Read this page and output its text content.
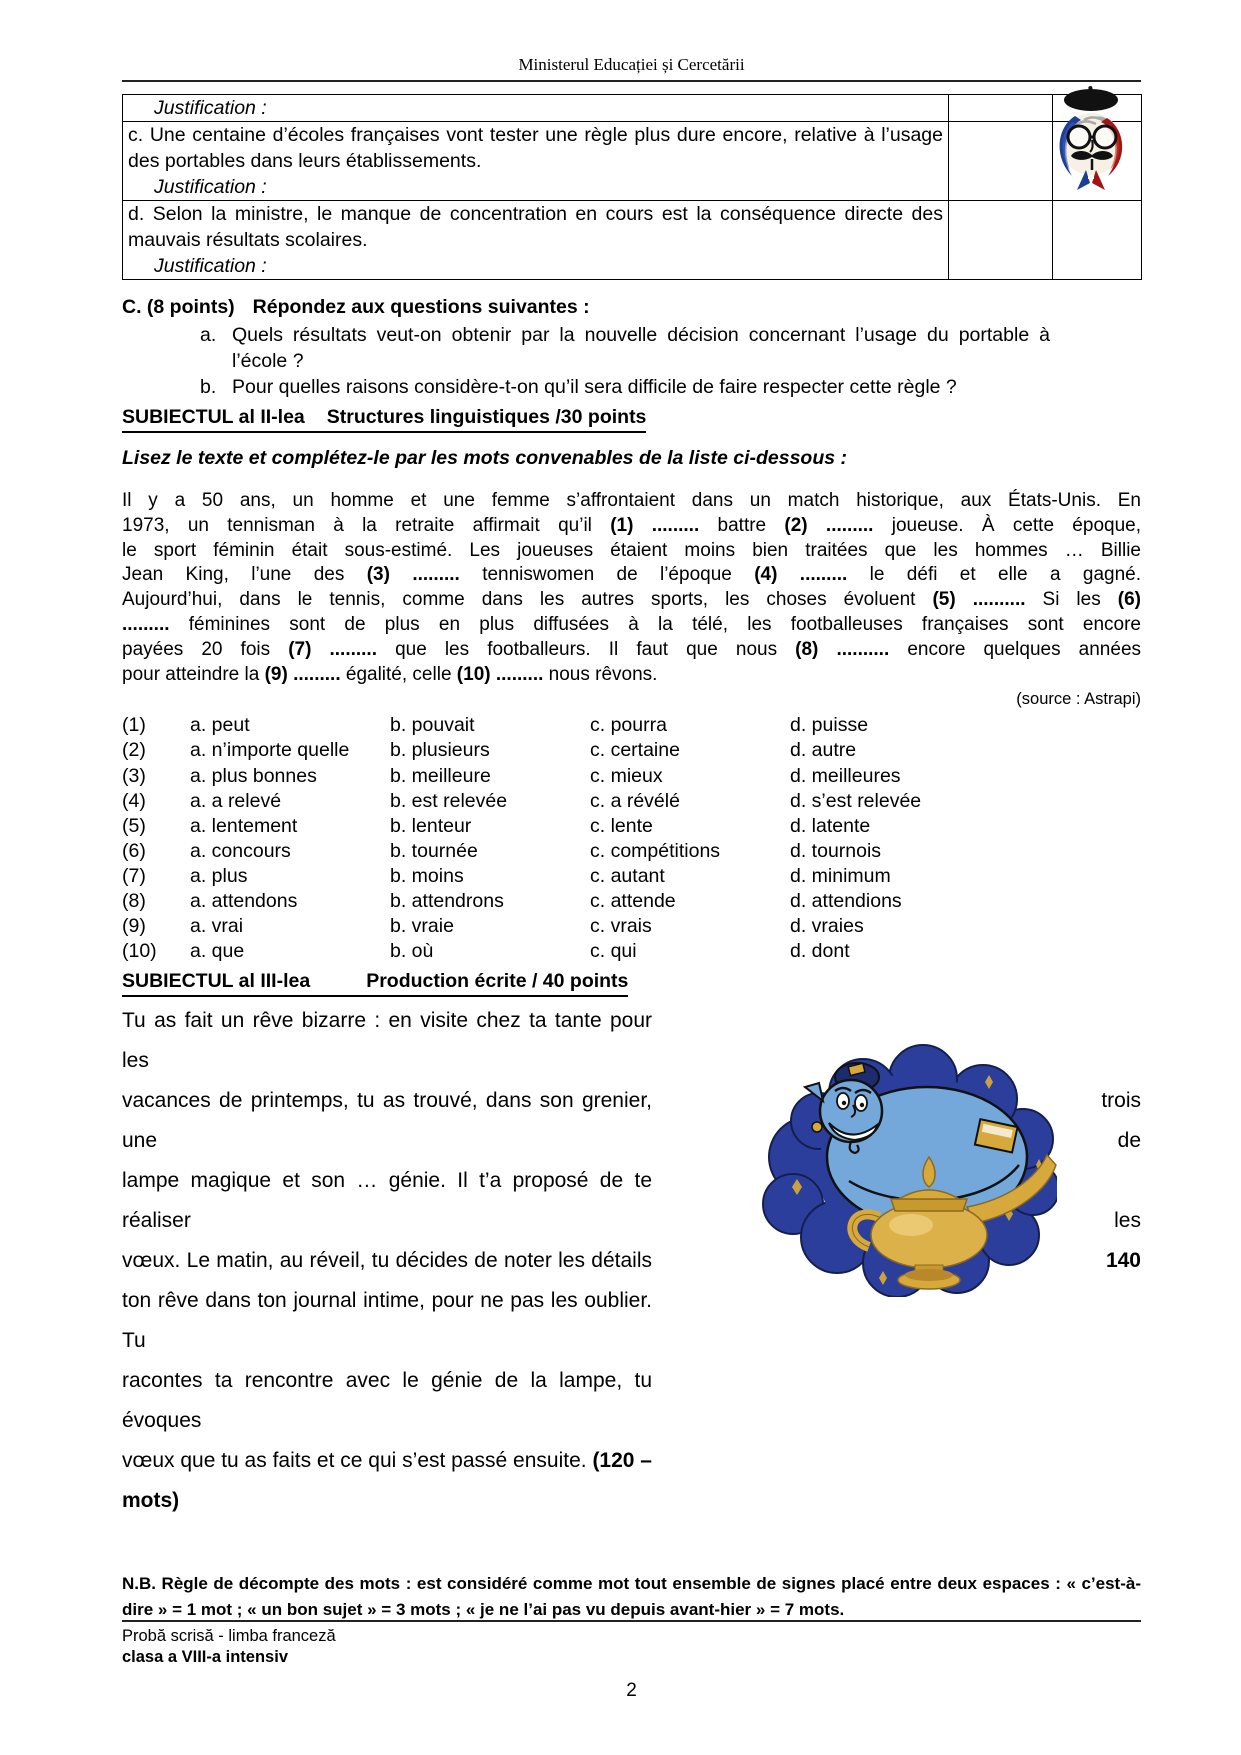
Ministerul Educației și Cercetării
Justification :		

c. Une centaine d’écoles françaises vont tester une règle plus dure encore, relative à l’usage des portables dans leurs établissements.
Justification :		

d. Selon la ministre, le manque de concentration en cours est la conséquence directe des mauvais résultats scolaires.
Justification :		

C. (8 points) Répondez aux questions suivantes :
a. Quels résultats veut-on obtenir par la nouvelle décision concernant l’usage du portable à l’école ?
b. Pour quelles raisons considère-t-on qu’il sera difficile de faire respecter cette règle ?
SUBIECTUL al II-lea Structures linguistiques /30 points
Lisez le texte et complétez-le par les mots convenables de la liste ci-dessous :
Il y a 50 ans, un homme et une femme s’affrontaient dans un match historique, aux États-Unis. En
1973, un tennisman à la retraite affirmait qu’il (1) ......... battre (2) ......... joueuse. À cette époque,
le sport féminin était sous-estimé. Les joueuses étaient moins bien traitées que les hommes … Billie
Jean King, l’une des (3) ......... tenniswomen de l’époque (4) ......... le défi et elle a gagné.
Aujourd’hui, dans le tennis, comme dans les autres sports, les choses évoluent (5) .......... Si les (6)
......... féminines sont de plus en plus diffusées à la télé, les footballeuses françaises sont encore
payées 20 fois (7) ......... que les footballeurs. Il faut que nous (8) .......... encore quelques années
pour atteindre la (9) ......... égalité, celle (10) ......... nous rêvons.
(source : Astrapi)
(1)	a. peut	b. pouvait	c. pourra	d. puisse
(2)	a. n’importe quelle	b. plusieurs	c. certaine	d. autre
(3)	a. plus bonnes	b. meilleure	c. mieux	d. meilleures
(4)	a. a relevé	b. est relevée	c. a révélé	d. s’est relevée
(5)	a. lentement	b. lenteur	c. lente	d. latente
(6)	a. concours	b. tournée	c. compétitions	d. tournois
(7)	a. plus	b. moins	c. autant	d. minimum
(8)	a. attendons	b. attendrons	c. attende	d. attendions
(9)	a. vrai	b. vraie	c. vrais	d. vraies
(10)	a. que	b. où	c. qui	d. dont
SUBIECTUL al III-lea	Production écrite / 40 points
Tu as fait un rêve bizarre : en visite chez ta tante pour les
vacances de printemps, tu as trouvé, dans son grenier, une
lampe magique et son … génie. Il t’a proposé de te réaliser
vœux. Le matin, au réveil, tu décides de noter les détails
ton rêve dans ton journal intime, pour ne pas les oublier. Tu
racontes ta rencontre avec le génie de la lampe, tu évoques
vœux que tu as faits et ce qui s’est passé ensuite. (120 –
mots)

trois
de

les
140
N.B. Règle de décompte des mots : est considéré comme mot tout ensemble de signes placé entre deux espaces : « c’est-à-dire » = 1 mot ; « un bon sujet » = 3 mots ; « je ne l’ai pas vu depuis avant-hier » = 7 mots.
Probă scrisă - limba franceză
clasa a VIII-a intensiv
2
